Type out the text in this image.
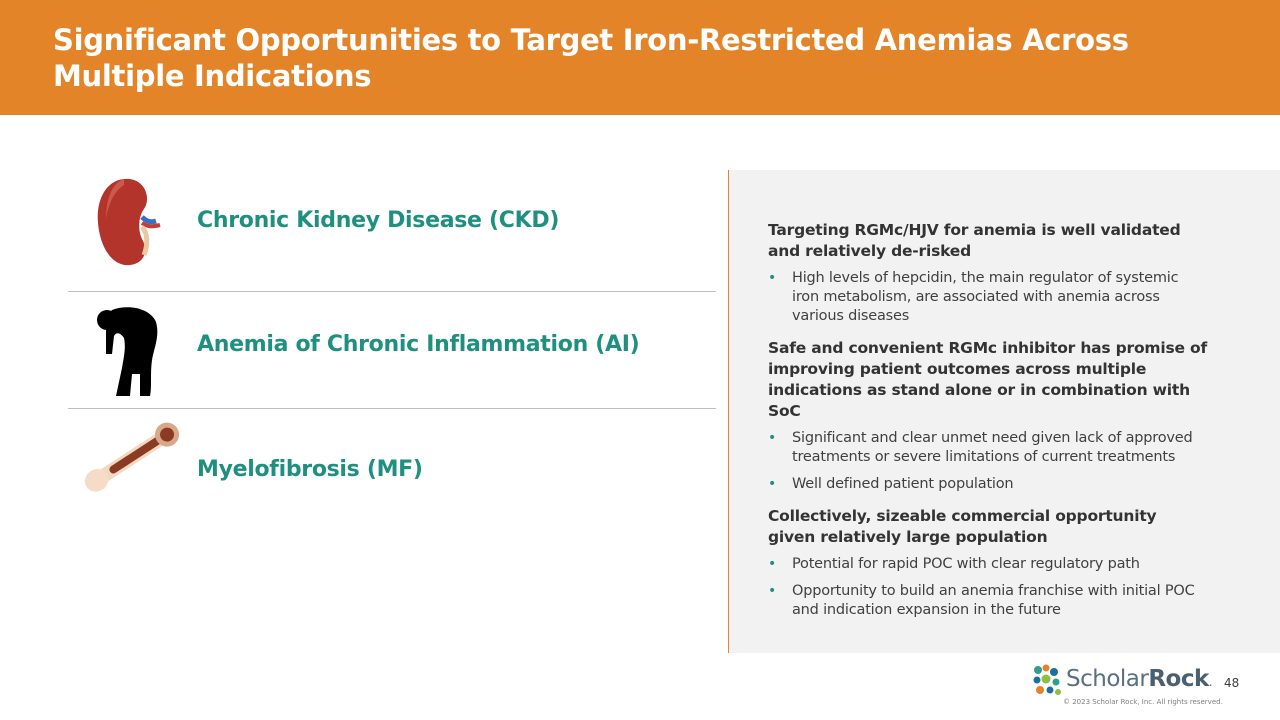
Significant Opportunities to Target Iron-Restricted Anemias Across Multiple Indications
Chronic Kidney Disease (CKD)
Anemia of Chronic Inflammation (AI)
Myelofibrosis (MF)

Targeting RGMc/HJV for anemia is well validated and relatively de-risked

• High levels of hepcidin, the main regulator of systemic iron metabolism, are associated with anemia across various diseases

Safe and convenient RGMc inhibitor has promise of improving patient outcomes across multiple indications as stand alone or in combination with SoC

• Significant and clear unmet need given lack of approved treatments or severe limitations of current treatments
• Well defined patient population

Collectively, sizeable commercial opportunity given relatively large population

• Potential for rapid POC with clear regulatory path
• Opportunity to build an anemia franchise with initial POC and indication expansion in the future
ScholarRock.
© 2023 Scholar Rock, Inc. All rights reserved.
48
